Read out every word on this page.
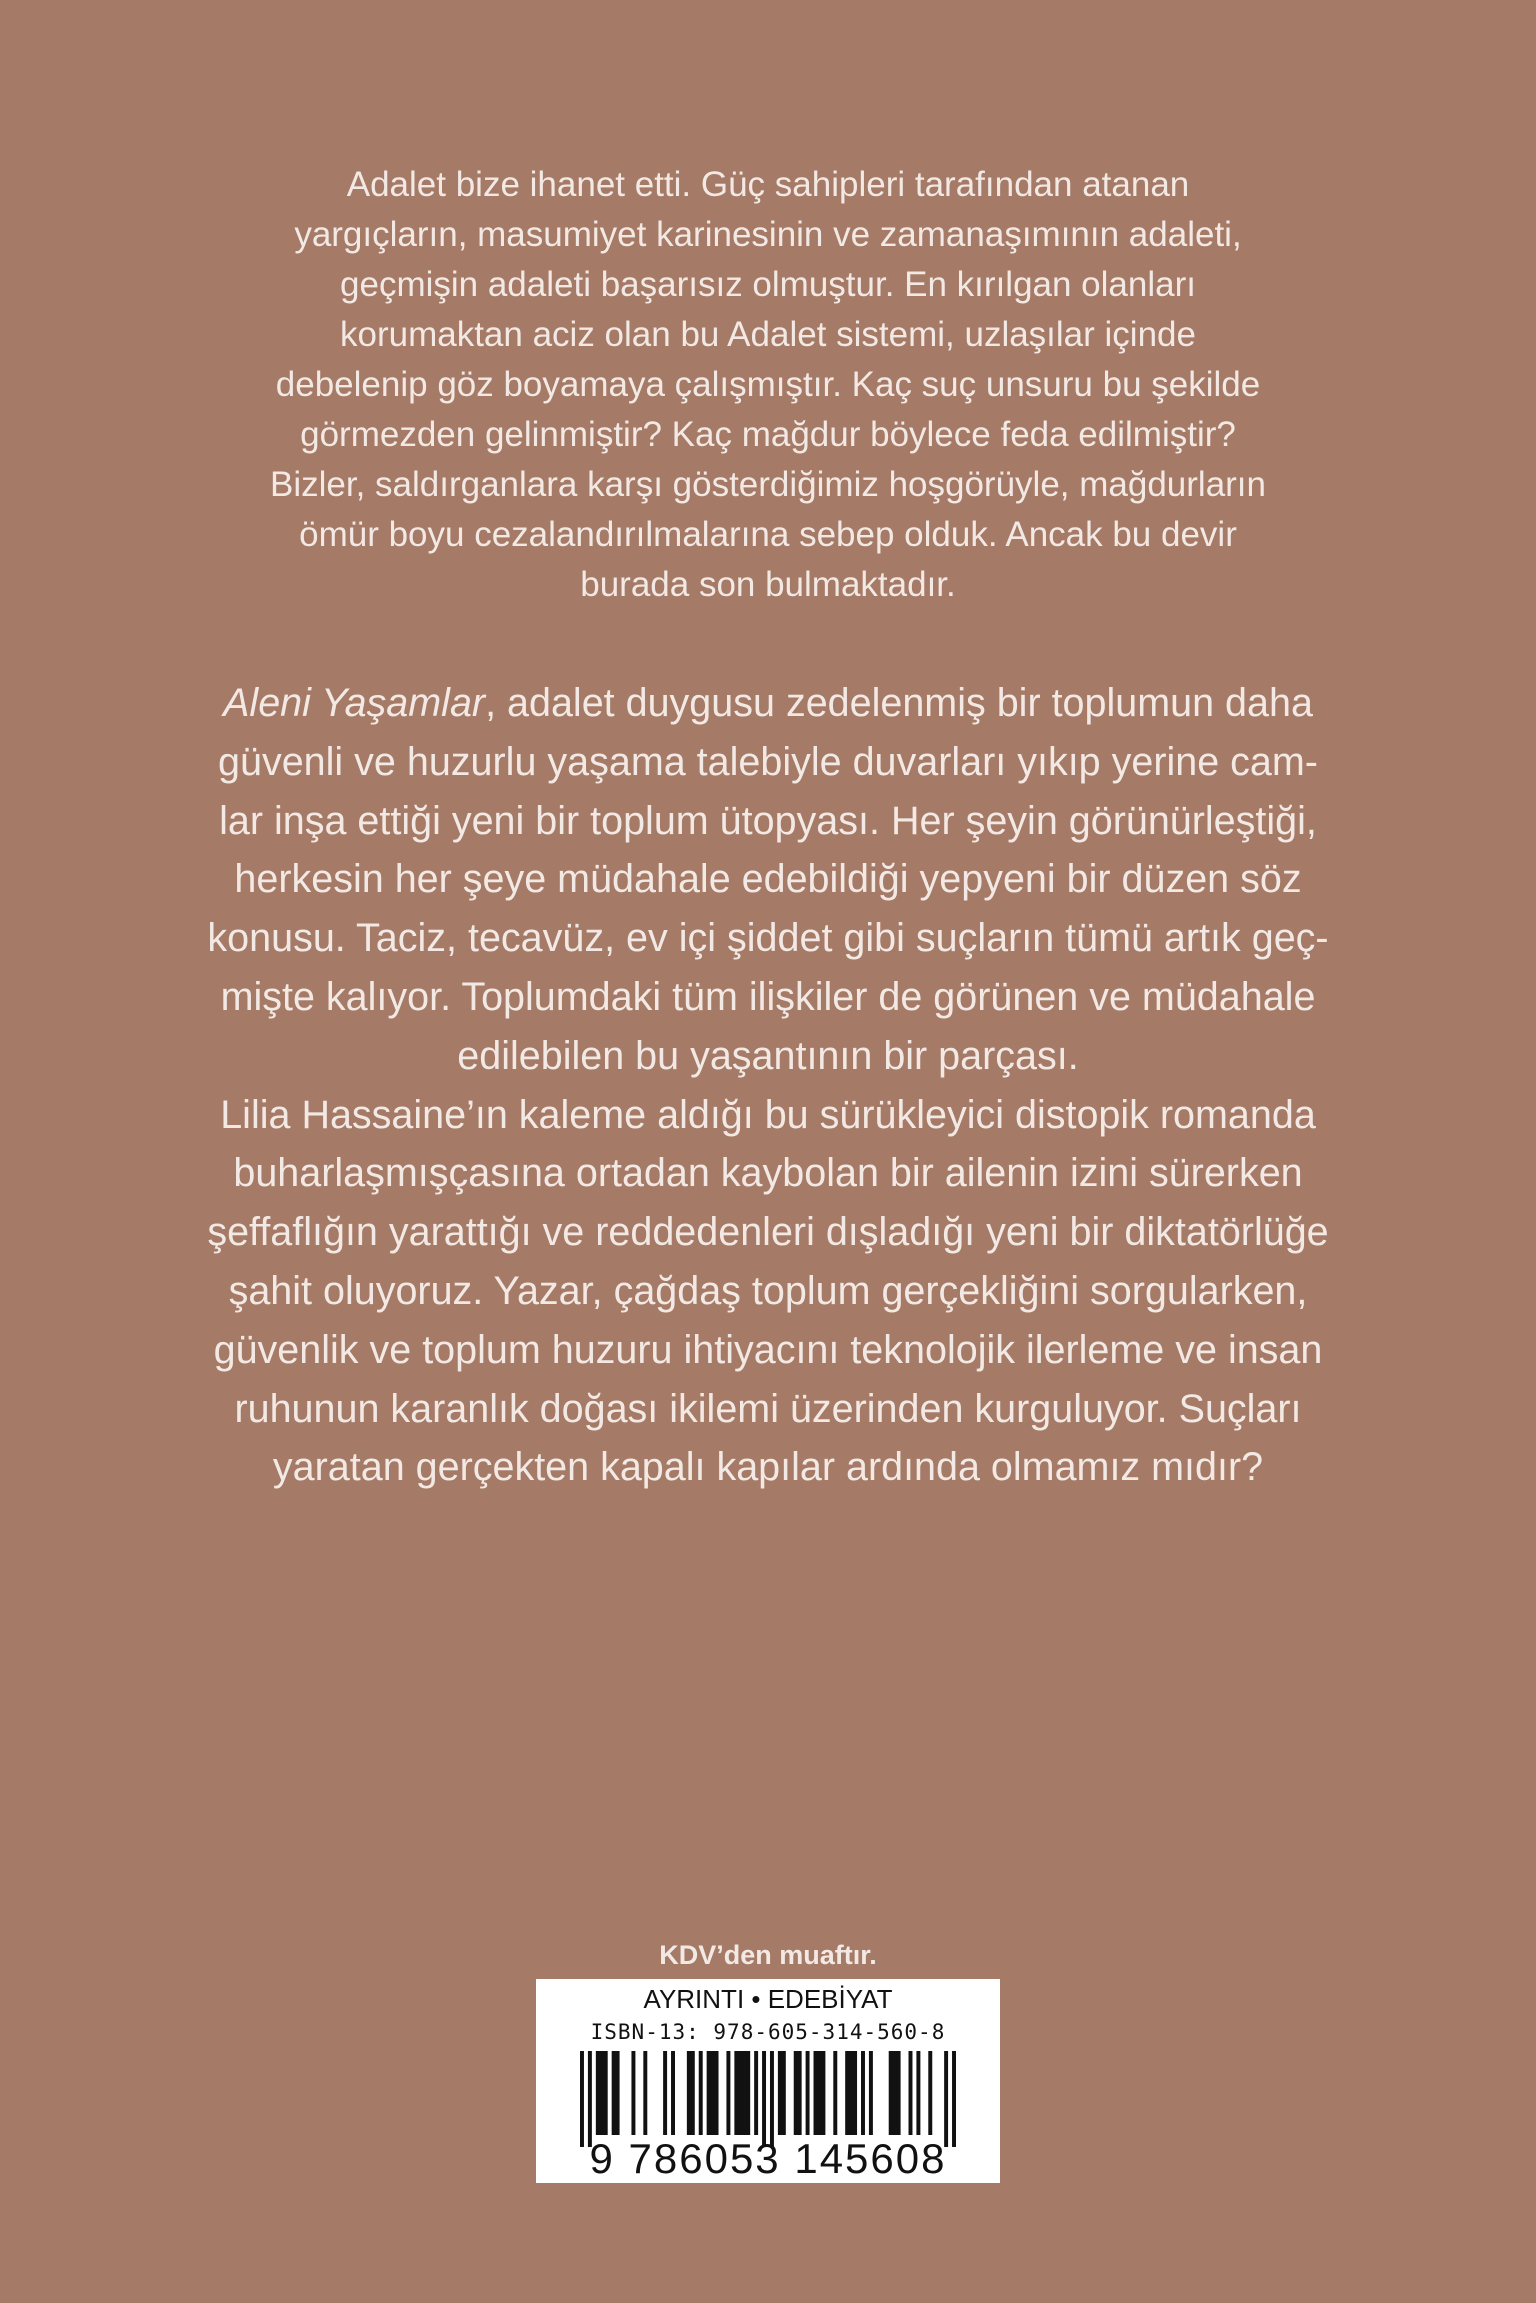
Adalet bize ihanet etti. Güç sahipleri tarafından atanan
yargıçların, masumiyet karinesinin ve zamanaşımının adaleti,
geçmişin adaleti başarısız olmuştur. En kırılgan olanları
korumaktan aciz olan bu Adalet sistemi, uzlaşılar içinde
debelenip göz boyamaya çalışmıştır. Kaç suç unsuru bu şekilde
görmezden gelinmiştir? Kaç mağdur böylece feda edilmiştir?
Bizler, saldırganlara karşı gösterdiğimiz hoşgörüyle, mağdurların
ömür boyu cezalandırılmalarına sebep olduk. Ancak bu devir
burada son bulmaktadır.
Aleni Yaşamlar, adalet duygusu zedelenmiş bir toplumun daha
güvenli ve huzurlu yaşama talebiyle duvarları yıkıp yerine cam-
lar inşa ettiği yeni bir toplum ütopyası. Her şeyin görünürleştiği,
herkesin her şeye müdahale edebildiği yepyeni bir düzen söz
konusu. Taciz, tecavüz, ev içi şiddet gibi suçların tümü artık geç-
mişte kalıyor. Toplumdaki tüm ilişkiler de görünen ve müdahale
edilebilen bu yaşantının bir parçası.
Lilia Hassaine’ın kaleme aldığı bu sürükleyici distopik romanda
buharlaşmışçasına ortadan kaybolan bir ailenin izini sürerken
şeffaflığın yarattığı ve reddedenleri dışladığı yeni bir diktatörlüğe
şahit oluyoruz. Yazar, çağdaş toplum gerçekliğini sorgularken,
güvenlik ve toplum huzuru ihtiyacını teknolojik ilerleme ve insan
ruhunun karanlık doğası ikilemi üzerinden kurguluyor. Suçları
yaratan gerçekten kapalı kapılar ardında olmamız mıdır?
KDV’den muaftır.
AYRINTI • EDEBİYAT
ISBN-13: 978-605-314-560-8
9 786053 145608
